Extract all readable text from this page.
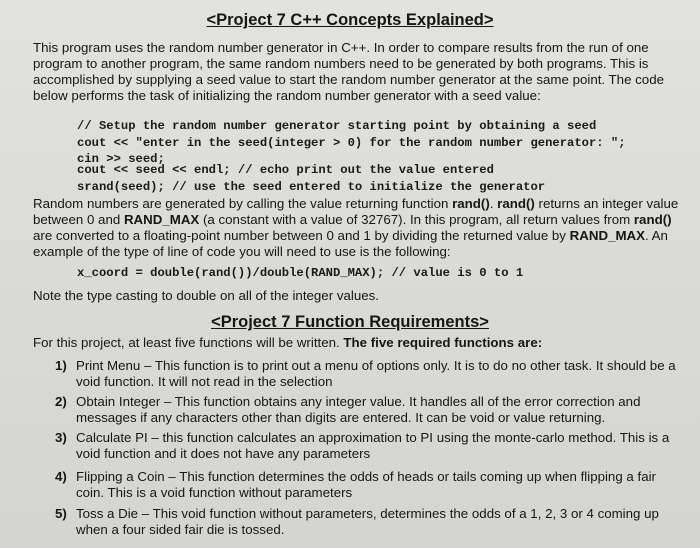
<Project 7 C++ Concepts Explained>

This program uses the random number generator in C++. In order to compare results from the run of one program to another program, the same random numbers need to be generated by both programs. This is accomplished by supplying a seed value to start the random number generator at the same point. The code below performs the task of initializing the random number generator with a seed value:

// Setup the random number generator starting point by obtaining a seed
cout << "enter in the seed(integer > 0) for the random number generator: ";
cin >> seed;
cout << seed << endl; // echo print out the value entered
srand(seed); // use the seed entered to initialize the generator

Random numbers are generated by calling the value returning function rand(). rand() returns an integer value between 0 and RAND_MAX (a constant with a value of 32767). In this program, all return values from rand() are converted to a floating-point number between 0 and 1 by dividing the returned value by RAND_MAX. An example of the type of line of code you will need to use is the following:

x_coord = double(rand())/double(RAND_MAX); // value is 0 to 1

Note the type casting to double on all of the integer values.

<Project 7 Function Requirements>

For this project, at least five functions will be written. The five required functions are:

1) Print Menu – This function is to print out a menu of options only. It is to do no other task. It should be a void function. It will not read in the selection
2) Obtain Integer – This function obtains any integer value. It handles all of the error correction and messages if any characters other than digits are entered. It can be void or value returning.
3) Calculate PI – this function calculates an approximation to PI using the monte-carlo method. This is a void function and it does not have any parameters
4) Flipping a Coin – This function determines the odds of heads or tails coming up when flipping a fair coin. This is a void function without parameters
5) Toss a Die – This void function without parameters, determines the odds of a 1, 2, 3 or 4 coming up when a four sided fair die is tossed.
